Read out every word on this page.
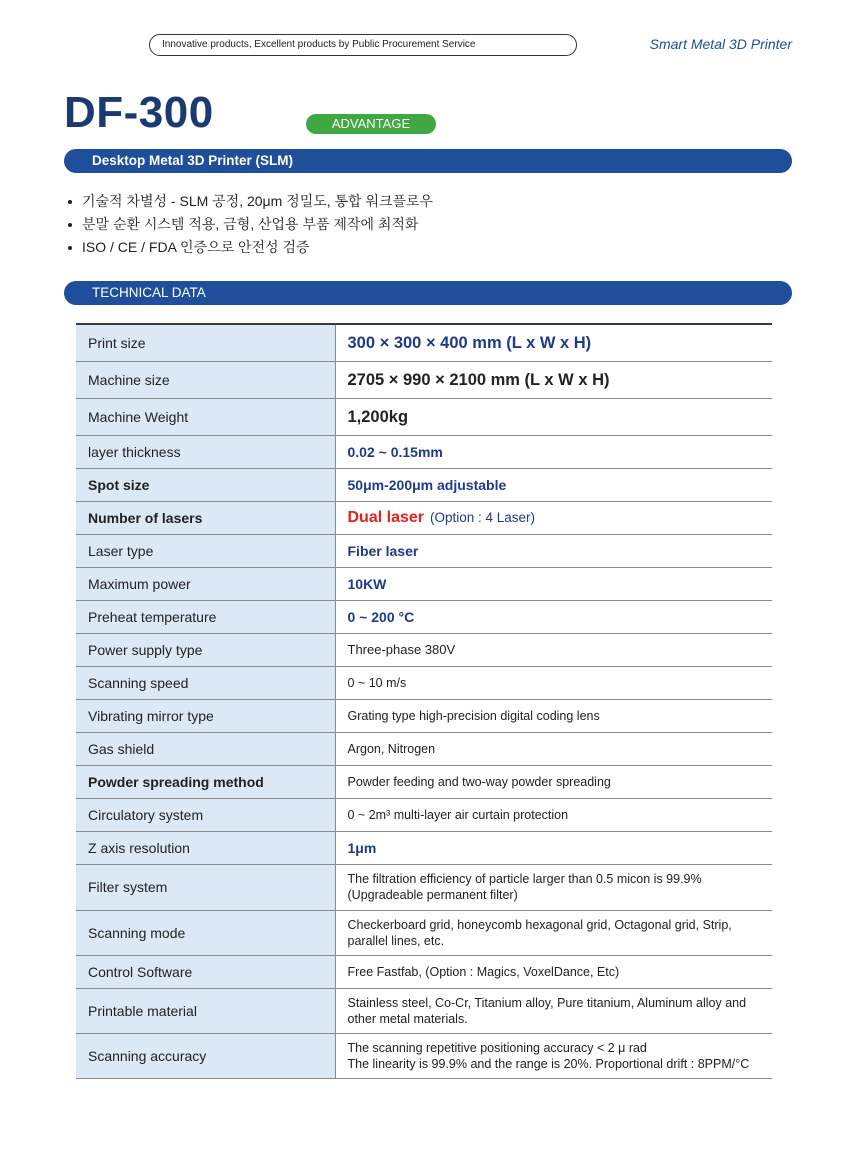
Innovative products, Excellent products by Public Procurement Service	Smart Metal 3D Printer
DF-300	ADVANTAGE
Desktop Metal 3D Printer (SLM)
기술적 차별성 - SLM 공정, 20μm 정밀도, 통합 워크플로우
분말 순환 시스템 적용, 금형, 산업용 부품 제작에 최적화
ISO / CE / FDA 인증으로 안전성 검증
TECHNICAL DATA
Print size	300 × 300 × 400 mm (L x W x H)
Machine size	2705 × 990 × 2100 mm (L x W x H)
Machine Weight	1,200kg
layer thickness	0.02 ~ 0.15mm
Spot size	50μm-200μm adjustable
Number of lasers	Dual laser (Option : 4 Laser)
Laser type	Fiber laser
Maximum power	10KW
Preheat temperature	0 ~ 200 °C
Power supply type	Three-phase 380V
Scanning speed	0 ~ 10 m/s
Vibrating mirror type	Grating type high-precision digital coding lens
Gas shield	Argon, Nitrogen
Powder spreading method	Powder feeding and two-way powder spreading
Circulatory system	0 ~ 2m³ multi-layer air curtain protection
Z axis resolution	1μm
Filter system	The filtration efficiency of particle larger than 0.5 micon is 99.9%
(Upgradeable permanent filter)

Scanning mode	Checkerboard grid, honeycomb hexagonal grid, Octagonal grid, Strip,
parallel lines, etc.

Control Software	Free Fastfab, (Option : Magics, VoxelDance, Etc)
Printable material	Stainless steel, Co-Cr, Titanium alloy, Pure titanium, Aluminum alloy and
other metal materials.

Scanning accuracy	The scanning repetitive positioning accuracy < 2 μ rad
The linearity is 99.9% and the range is 20%. Proportional drift : 8PPM/°C
